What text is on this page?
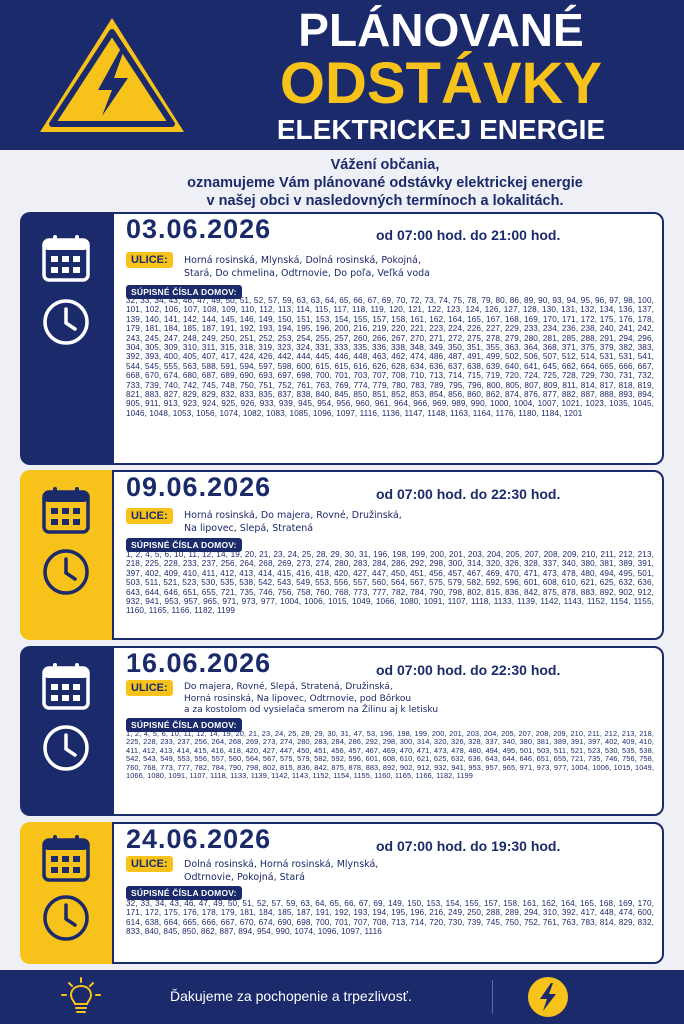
PLÁNOVANÉ
ODSTÁVKY
ELEKTRICKEJ ENERGIE
Vážení občania,
oznamujeme Vám plánované odstávky elektrickej energie
v našej obci v nasledovných termínoch a lokalitách.
03.06.2026	od 07:00 hod. do 21:00 hod.
ULICE:	Horná rosinská, Mlynská, Dolná rosinská, Pokojná,
Stará, Do chmelina, Odtrnovie, Do poľa, Veľká voda
SÚPISNÉ ČÍSLA DOMOV:
32, 33, 34, 43, 46, 47, 49, 50, 51, 52, 57, 59, 63, 63, 64, 65, 66, 67, 69, 70, 72, 73, 74, 75, 78, 79, 80, 86, 89, 90, 93, 94, 95, 96, 97, 98, 100, 101, 102, 106, 107, 108, 109, 110, 112, 113, 114, 115, 117, 118, 119, 120, 121, 122, 123, 124, 126, 127, 128, 130, 131, 132, 134, 136, 137, 139, 140, 141, 142, 144, 145, 146, 149, 150, 151, 153, 154, 155, 157, 158, 161, 162, 164, 165, 167, 168, 169, 170, 171, 172, 175, 176, 178, 179, 181, 184, 185, 187, 191, 192, 193, 194, 195, 196, 200, 216, 219, 220, 221, 223, 224, 226, 227, 229, 233, 234, 236, 238, 240, 241, 242, 243, 245, 247, 248, 249, 250, 251, 252, 253, 254, 255, 257, 260, 266, 267, 270, 271, 272, 275, 278, 279, 280, 281, 285, 288, 291, 294, 296, 304, 305, 309, 310, 311, 315, 318, 319, 323, 324, 331, 333, 335, 336, 338, 348, 349, 350, 351, 355, 363, 364, 368, 371, 375, 379, 382, 383, 392, 393, 400, 405, 407, 417, 424, 426, 442, 444, 445, 446, 448, 463, 462, 474, 486, 487, 491, 499, 502, 506, 507, 512, 514, 531, 531, 541, 544, 545, 555, 563, 588, 591, 594, 597, 598, 600, 615, 615, 616, 626, 628, 634, 636, 637, 638, 639, 640, 641, 645, 662, 664, 665, 666, 667, 668, 670, 674, 680, 687, 689, 690, 693, 697, 698, 700, 701, 703, 707, 708, 710, 713, 714, 715, 719, 720, 724, 725, 728, 729, 730, 731, 732, 733, 739, 740, 742, 745, 748, 750, 751, 752, 761, 763, 769, 774, 779, 780, 783, 789, 795, 796, 800, 805, 807, 809, 811, 814, 817, 818, 819, 821, 883, 827, 829, 829, 832, 833, 835, 837, 838, 840, 845, 850, 851, 852, 853, 854, 856, 860, 862, 874, 876, 877, 882, 887, 888, 893, 894, 905, 911, 913, 923, 924, 925, 926, 933, 939, 945, 954, 956, 960, 961, 964, 966, 969, 989, 990, 1000, 1004, 1007, 1021, 1023, 1035, 1045, 1046, 1048, 1053, 1056, 1074, 1082, 1083, 1085, 1096, 1097, 1116, 1136, 1147, 1148, 1163, 1164, 1176, 1180, 1184, 1201
09.06.2026	od 07:00 hod. do 22:30 hod.
ULICE:	Horná rosinská, Do majera, Rovné, Družinská,
Na lipovec, Slepá, Stratená
SÚPISNÉ ČÍSLA DOMOV:
1, 2, 4, 5, 6, 10, 11, 12, 14, 19, 20, 21, 23, 24, 25, 28, 29, 30, 31, 196, 198, 199, 200, 201, 203, 204, 205, 207, 208, 209, 210, 211, 212, 213, 218, 225, 228, 233, 237, 256, 264, 268, 269, 273, 274, 280, 283, 284, 286, 292, 298, 300, 314, 320, 326, 328, 337, 340, 380, 381, 389, 391, 397, 402, 409, 410, 411, 412, 413, 414, 415, 416, 418, 420, 427, 447, 450, 451, 456, 457, 467, 469, 470, 471, 473, 478, 480, 494, 495, 501, 503, 511, 521, 523, 530, 535, 538, 542, 543, 549, 553, 556, 557, 560, 564, 567, 575, 579, 582, 592, 596, 601, 608, 610, 621, 625, 632, 636, 643, 644, 646, 651, 655, 721, 735, 746, 756, 758, 760, 768, 773, 777, 782, 784, 790, 798, 802, 815, 836, 842, 875, 878, 883, 892, 902, 912, 932, 941, 953, 957, 965, 971, 973, 977, 1004, 1006, 1015, 1049, 1066, 1080, 1091, 1107, 1118, 1133, 1139, 1142, 1143, 1152, 1154, 1155, 1160, 1165, 1166, 1182, 1199
16.06.2026	od 07:00 hod. do 22:30 hod.
ULICE:	Do majera, Rovné, Slepá, Stratená, Družinská,
Horná rosinská, Na lipovec, Odtrnovie, pod Bôrkou
a za kostolom od vysielača smerom na Žilinu aj k letisku
SÚPISNÉ ČÍSLA DOMOV:
1, 2, 4, 5, 6, 10, 11, 12, 14, 19, 20, 21, 23, 24, 25, 28, 29, 30, 31, 47, 53, 196, 198, 199, 200, 201, 203, 204, 205, 207, 208, 209, 210, 211, 212, 213, 218, 225, 228, 233, 237, 256, 264, 268, 269, 273, 274, 280, 283, 284, 286, 292, 298, 300, 314, 320, 326, 328, 337, 340, 380, 381, 389, 391, 397, 402, 409, 410, 411, 412, 413, 414, 415, 416, 418, 420, 427, 447, 450, 451, 456, 457, 467, 469, 470, 471, 473, 478, 480, 494, 495, 501, 503, 511, 521, 523, 530, 535, 538, 542, 543, 549, 553, 556, 557, 560, 564, 567, 575, 579, 582, 592, 596, 601, 608, 610, 621, 625, 632, 636, 643, 644, 646, 651, 655, 721, 735, 746, 756, 758, 760, 768, 773, 777, 782, 784, 790, 798, 802, 815, 836, 842, 875, 878, 883, 892, 902, 912, 932, 941, 953, 957, 965, 971, 973, 977, 1004, 1006, 1015, 1049, 1066, 1080, 1091, 1107, 1118, 1133, 1139, 1142, 1143, 1152, 1154, 1155, 1160, 1165, 1166, 1182, 1199
24.06.2026	od 07:00 hod. do 19:30 hod.
ULICE:	Dolná rosinská, Horná rosinská, Mlynská,
Odtrnovie, Pokojná, Stará
SÚPISNÉ ČÍSLA DOMOV:
32, 33, 34, 43, 46, 47, 49, 50, 51, 52, 57, 59, 63, 64, 65, 66, 67, 69, 149, 150, 153, 154, 155, 157, 158, 161, 162, 164, 165, 168, 169, 170, 171, 172, 175, 176, 178, 179, 181, 184, 185, 187, 191, 192, 193, 194, 195, 196, 216, 249, 250, 288, 289, 294, 310, 392, 417, 448, 474, 600, 614, 638, 664, 665, 666, 667, 670, 674, 690, 698, 700, 701, 707, 708, 713, 714, 720, 730, 739, 745, 750, 752, 761, 763, 783, 814, 829, 832, 833, 840, 845, 850, 862, 887, 894, 954, 990, 1074, 1096, 1097, 1116
Ďakujeme za pochopenie a trpezlivosť.
